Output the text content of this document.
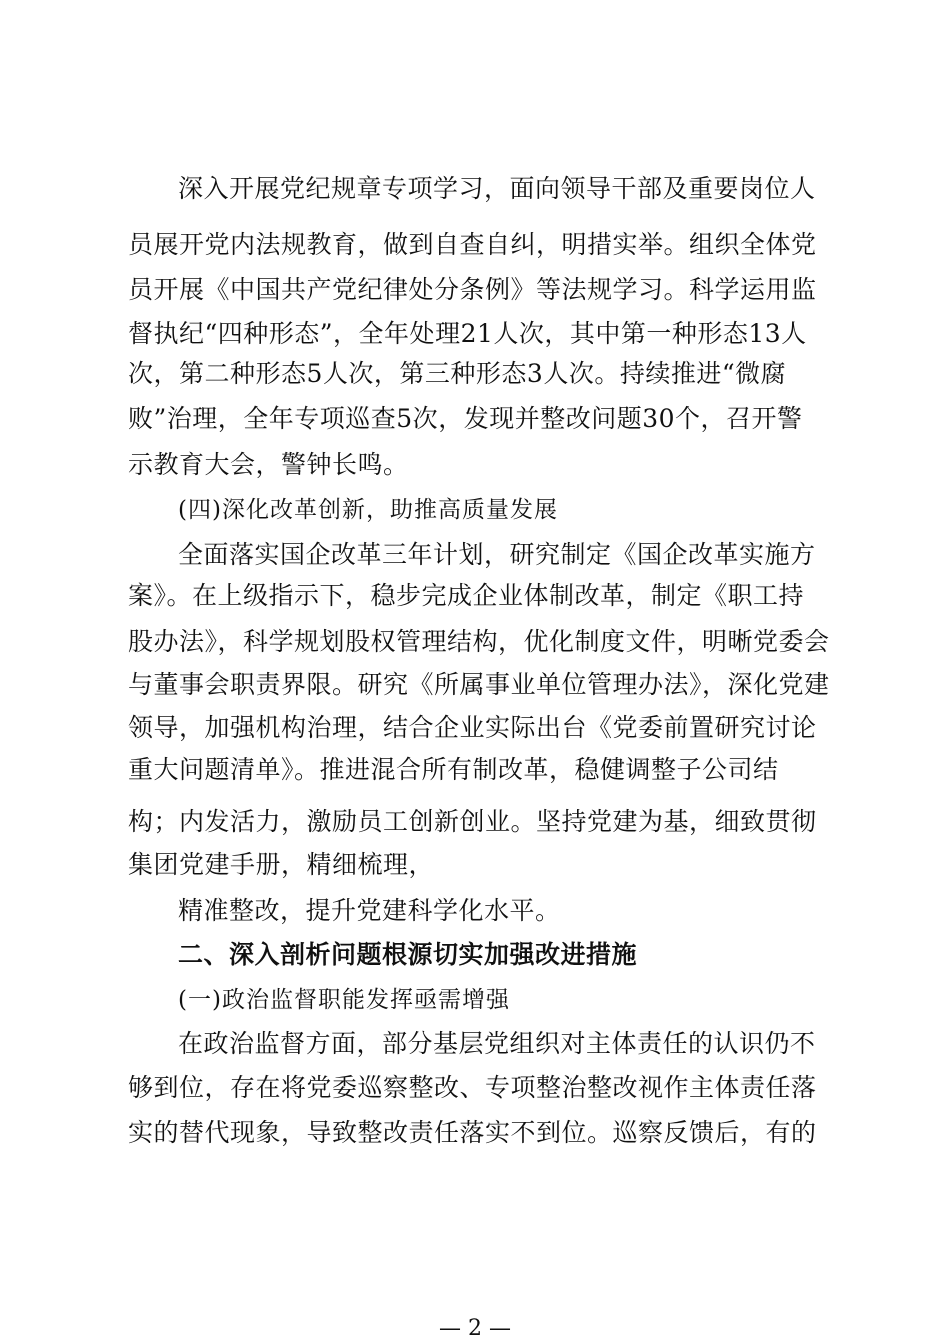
深入开展党纪规章专项学习，面向领导干部及重要岗位人
员展开党内法规教育，做到自查自纠，明措实举。组织全体党
员开展《中国共产党纪律处分条例》等法规学习。科学运用监
督执纪“四种形态”，全年处理21人次，其中第一种形态13人
次，第二种形态5人次，第三种形态3人次。持续推进“微腐
败”治理，全年专项巡查5次，发现并整改问题30个，召开警
示教育大会，警钟长鸣。
(四)深化改革创新，助推高质量发展
全面落实国企改革三年计划，研究制定《国企改革实施方
案》。在上级指示下，稳步完成企业体制改革，制定《职工持
股办法》，科学规划股权管理结构，优化制度文件，明晰党委会
与董事会职责界限。研究《所属事业单位管理办法》，深化党建
领导，加强机构治理，结合企业实际出台《党委前置研究讨论
重大问题清单》。推进混合所有制改革，稳健调整子公司结
构；内发活力，激励员工创新创业。坚持党建为基，细致贯彻
集团党建手册，精细梳理，
精准整改，提升党建科学化水平。
二、深入剖析问题根源切实加强改进措施
(一)政治监督职能发挥亟需增强
在政治监督方面，部分基层党组织对主体责任的认识仍不
够到位，存在将党委巡察整改、专项整治整改视作主体责任落
实的替代现象，导致整改责任落实不到位。巡察反馈后，有的
— 2 —
